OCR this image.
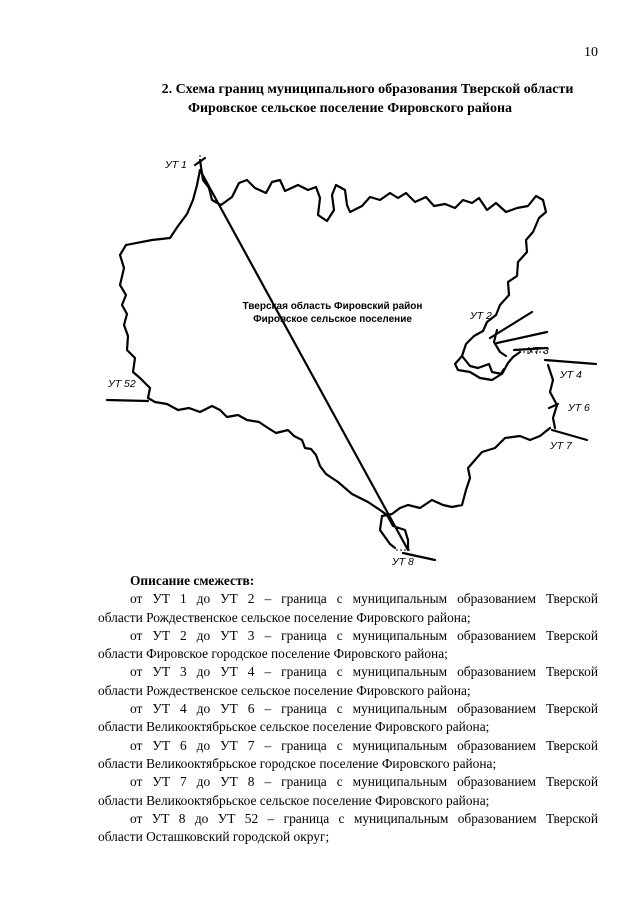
10
2. Схема границ муниципального образования Тверской области
Фировское сельское поселение Фировского района
Тверская область Фировский район
Фировское сельское поселение
УТ 1
УТ 2
УТ 3
УТ 4
УТ 6
УТ 7
УТ 8
УТ 52
Описание смежеств:

от УТ 1 до УТ 2 – граница с муниципальным образованием Тверской
области Рождественское сельское поселение Фировского района;

от УТ 2 до УТ 3 – граница с муниципальным образованием Тверской
области Фировское городское поселение Фировского района;

от УТ 3 до УТ 4 – граница с муниципальным образованием Тверской
области Рождественское сельское поселение Фировского района;

от УТ 4 до УТ 6 – граница с муниципальным образованием Тверской
области Великооктябрьское сельское поселение Фировского района;

от УТ 6 до УТ 7 – граница с муниципальным образованием Тверской
области Великооктябрьское городское поселение Фировского района;

от УТ 7 до УТ 8 – граница с муниципальным образованием Тверской
области Великооктябрьское сельское поселение Фировского района;

от УТ 8 до УТ 52 – граница с муниципальным образованием Тверской
области Осташковский городской округ;
